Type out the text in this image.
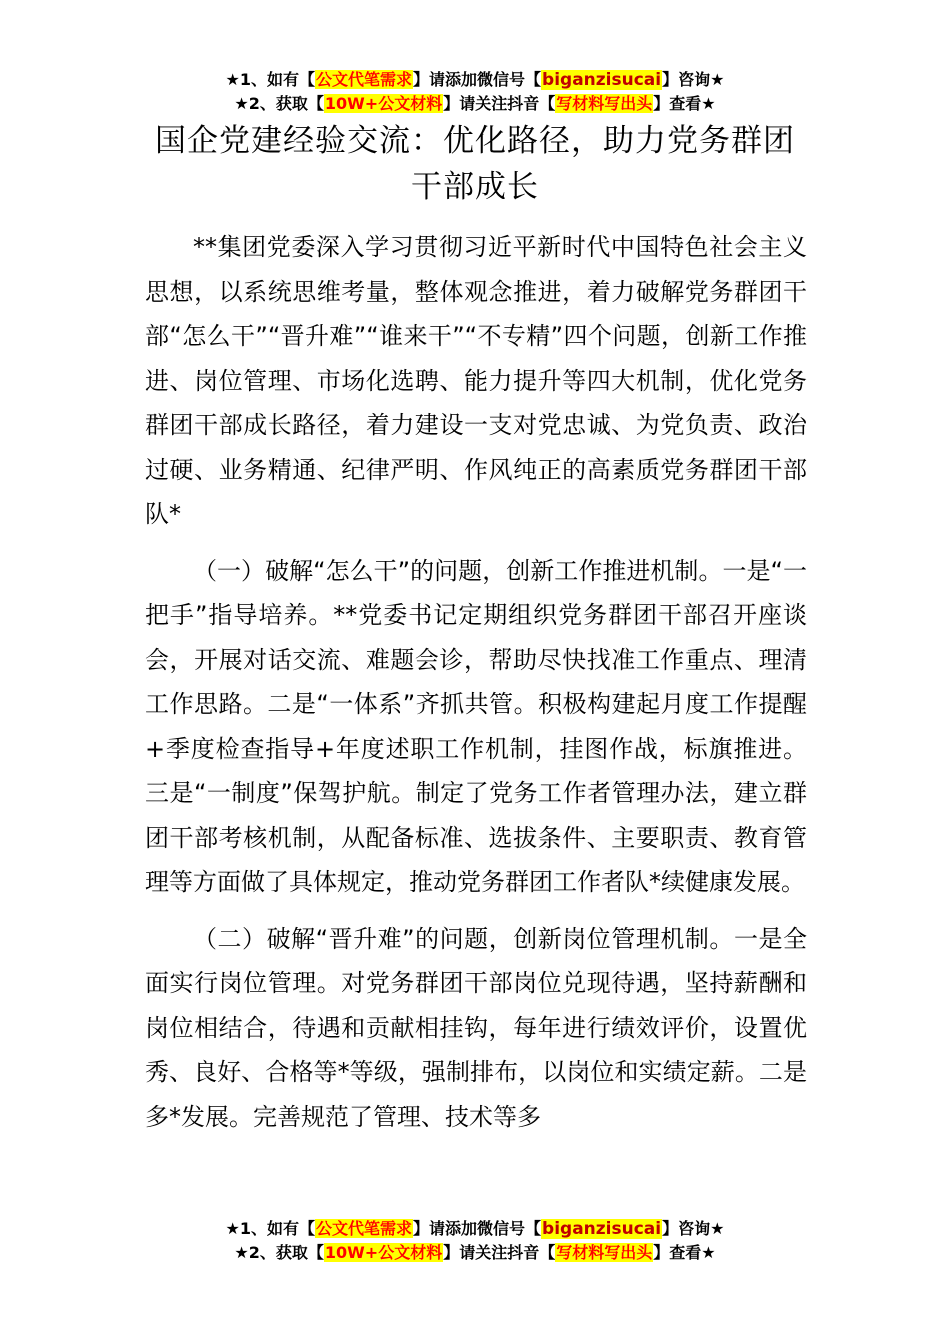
★1、如有【公文代笔需求】请添加微信号【biganzisucai】咨询★
★2、获取【10W+公文材料】请关注抖音【写材料写出头】查看★
国企党建经验交流：优化路径，助力党务群团干部成长

**集团党委深入学习贯彻习近平新时代中国特色社会主义思想，以系统思维考量，整体观念推进，着力破解党务群团干部“怎么干”“晋升难”“谁来干”“不专精”四个问题，创新工作推进、岗位管理、市场化选聘、能力提升等四大机制，优化党务群团干部成长路径，着力建设一支对党忠诚、为党负责、政治过硬、业务精通、纪律严明、作风纯正的高素质党务群团干部队*

（一）破解“怎么干”的问题，创新工作推进机制。一是“一把手”指导培养。**党委书记定期组织党务群团干部召开座谈会，开展对话交流、难题会诊，帮助尽快找准工作重点、理清工作思路。二是“一体系”齐抓共管。积极构建起月度工作提醒+季度检查指导+年度述职工作机制，挂图作战，标旗推进。三是“一制度”保驾护航。制定了党务工作者管理办法，建立群团干部考核机制，从配备标准、选拔条件、主要职责、教育管理等方面做了具体规定，推动党务群团工作者队*续健康发展。

（二）破解“晋升难”的问题，创新岗位管理机制。一是全面实行岗位管理。对党务群团干部岗位兑现待遇，坚持薪酬和岗位相结合，待遇和贡献相挂钩，每年进行绩效评价，设置优秀、良好、合格等*等级，强制排布，以岗位和实绩定薪。二是多*发展。完善规范了管理、技术等多

★1、如有【公文代笔需求】请添加微信号【biganzisucai】咨询★
★2、获取【10W+公文材料】请关注抖音【写材料写出头】查看★
